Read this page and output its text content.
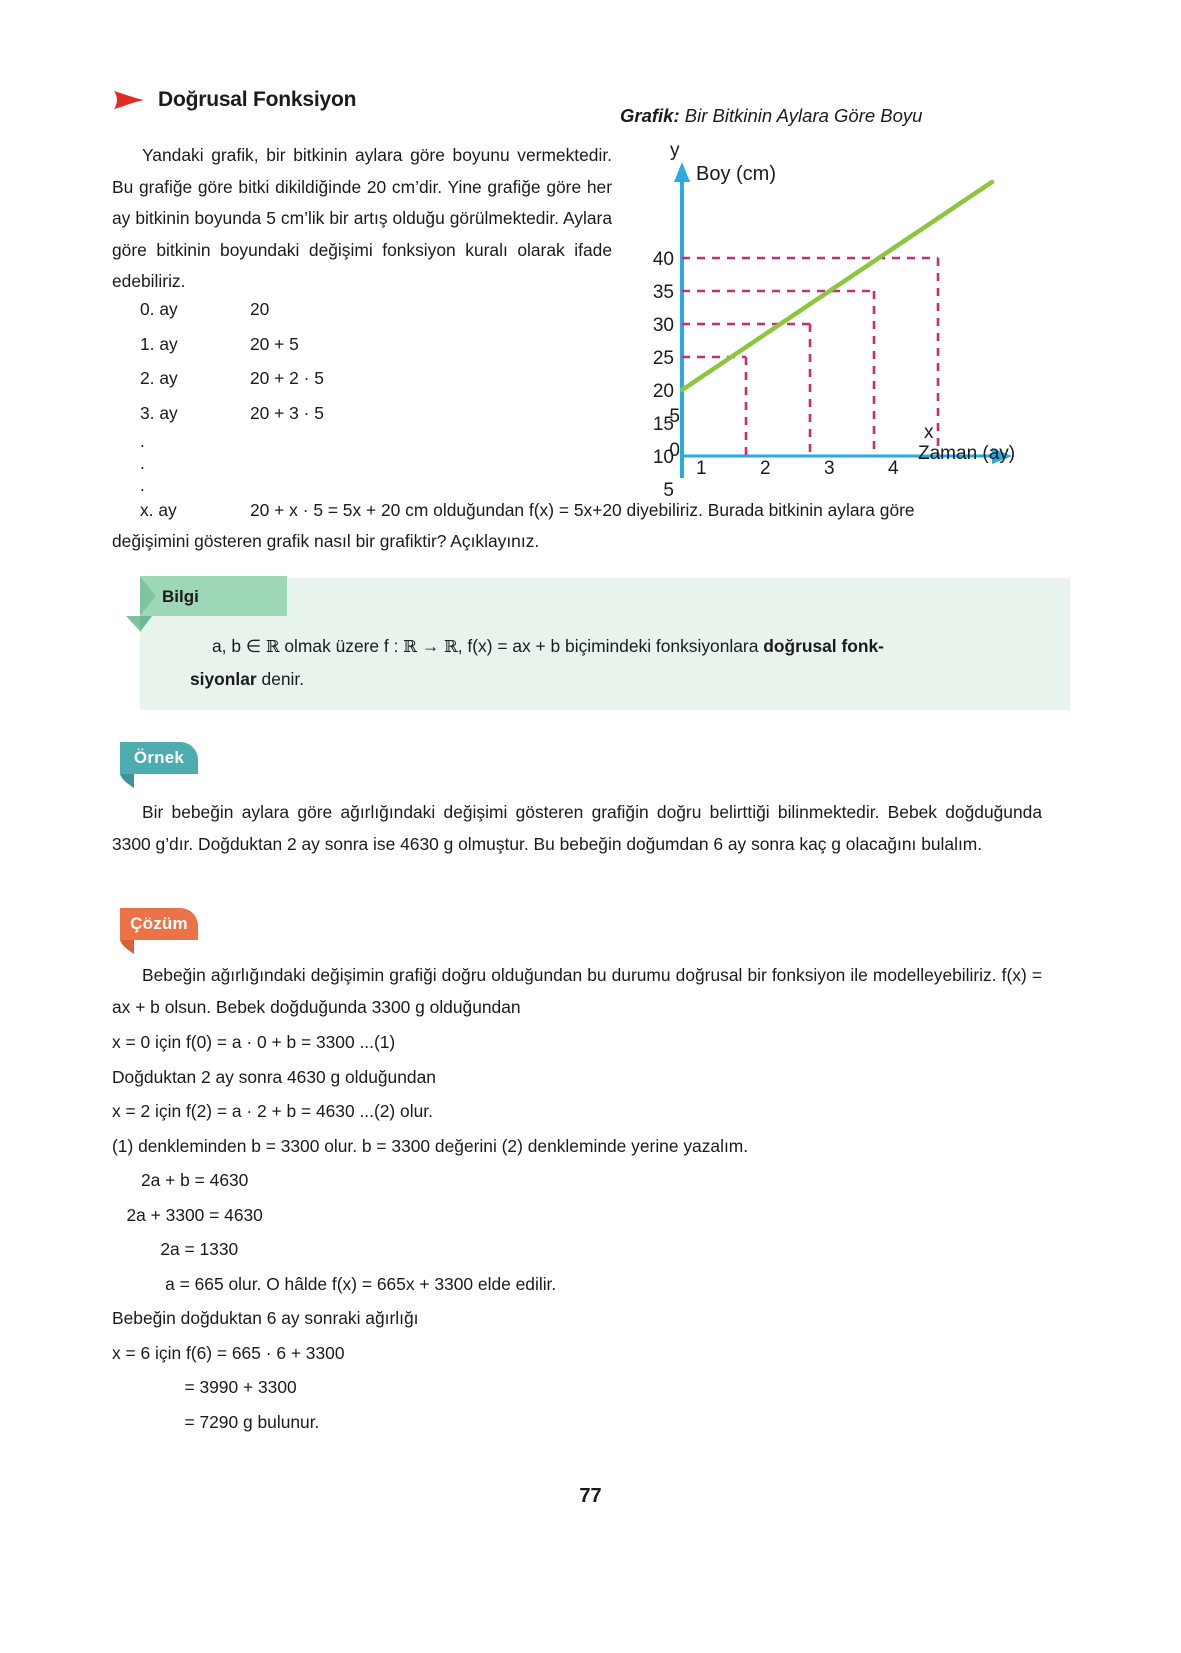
Doğrusal Fonksiyon
Grafik: Bir Bitkinin Aylara Göre Boyu
Yandaki grafik, bir bitkinin aylara göre boyunu vermektedir. Bu grafiğe göre bitki dikildiğinde 20 cm’dir. Yine grafiğe göre her ay bitkinin boyunda 5 cm’lik bir artış olduğu görülmektedir. Aylara göre bitkinin boyundaki değişimi fonksiyon kuralı olarak ifade edebiliriz.
0. ay	20
1. ay	20 + 5
2. ay	20 + 2 · 5
3. ay	20 + 3 · 5
.
.
.
x. ay	20 + x · 5 = 5x + 20 cm olduğundan f(x) = 5x+20 diyebiliriz. Burada bitkinin aylara göre
değişimini gösteren grafik nasıl bir grafiktir? Açıklayınız.
40
35
30
25
20
15
10
5
y
Boy (cm)
x
5
0
1	2	3	4
Zaman (ay)
Bilgi
a, b ∈ ℝ olmak üzere f : ℝ → ℝ, f(x) = ax + b biçimindeki fonksiyonlara doğrusal fonk-
siyonlar denir.
Örnek
Bir bebeğin aylara göre ağırlığındaki değişimi gösteren grafiğin doğru belirttiği bilinmektedir. Bebek doğduğunda 3300 g’dır. Doğduktan 2 ay sonra ise 4630 g olmuştur. Bu bebeğin doğumdan 6 ay sonra kaç g olacağını bulalım.
Çözüm
Bebeğin ağırlığındaki değişimin grafiği doğru olduğundan bu durumu doğrusal bir fonksiyon ile modelleyebiliriz. f(x) = ax + b olsun. Bebek doğduğunda 3300 g olduğundan
x = 0 için f(0) = a · 0 + b = 3300 ...(1)
Doğduktan 2 ay sonra 4630 g olduğundan
x = 2 için f(2) = a · 2 + b = 4630 ...(2) olur.
(1) denkleminden b = 3300 olur. b = 3300 değerini (2) denkleminde yerine yazalım.
2a + b = 4630
2a + 3300 = 4630
2a = 1330
a = 665 olur. O hâlde f(x) = 665x + 3300 elde edilir.
Bebeğin doğduktan 6 ay sonraki ağırlığı
x = 6 için f(6) = 665 · 6 + 3300
= 3990 + 3300
= 7290 g bulunur.
77
